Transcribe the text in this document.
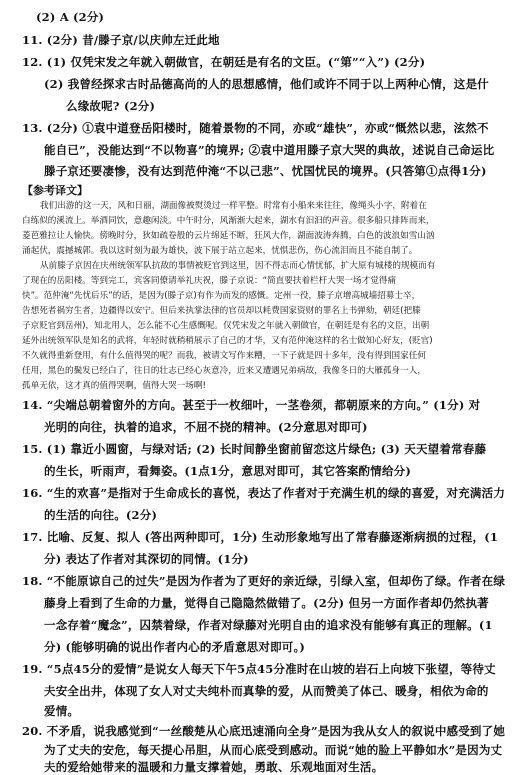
(2) A (2分)
11. (2分) 昔/滕子京/以庆帅左迁此地
12. (1) 仅凭宋发之年就入朝做官，在朝廷是有名的文臣。(“第”“入”) (2分)
(2) 我曾经探求古时品德高尚的人的思想感情，他们或许不同于以上两种心情，这是什
么缘故呢? (2分)
13. (2分) ①袁中道登岳阳楼时，随着景物的不同，亦或“雄快”，亦或“慨然以悲，泫然不
能自已”，没能达到“不以物喜”的境界; ②袁中道用滕子京大哭的典故，述说自己命运比
滕子京还要凄惨，没有达到范仲淹“不以己悲”、忧国忧民的境界。(只答第①点得1分)
【参考译文】
我们出游的这一天，风和日丽，湖面像被熨烫过一样平整。时常有小船来来往往，像绳头小字，附着在
白练似的溪流上。举酒同饮，意趣闲淡。中午时分，风渐渐大起来，湖水有汩汩的声音。很多船只排阵而来，
菱芭雅拉让人愉快。傍晚时分，狄如疏卷般的云片绵延不断，狂风大作，湖面波涛奔腾，白色的波浪如雪山汹
涌起伏，震撼城郭。我以这时刻为最为雄快，波下展于站立起来，忧惧悲伤，伤心流泪而且不能自制了。
从前滕子京因在庆州统领军队抗敌的事情被贬官到这里，因不得志而心情忧郁，扩大原有城楼的规模而有
了现在的岳阳楼。等到完工，宾客同僚请举礼庆祝，滕子京说：“简直要扶着栏杆大哭一场才觉得痛
快”。范仲淹“先忧后乐”的话，是因为(滕子京)有作为而发的感慨。定州一役，滕子京增高城墙招募士卒，
告想死者祸穷生者，边疆得以安宁。但后来执掌法律的官员却以耗费国家资财的罪名上书弹劾，朝廷(把滕
子京贬官到岳州)，知北用人，怎么能不心生感慨呢。仅凭宋发之年就入朝做官，在朝廷是有名的文臣，出朝
延外出统领军队是知名的武将，年轻时就稍稍展示了自己的才华，又有范仲淹这样的名士做知心好友，(贬官)
不久就得重新登用，有什么值得哭的呢？而我，被请文写作来糟，一下子就是四十多年，没有得到国家任何
任用，黑色的鬓发已经白了，往日的壮志已经心灰意冷，近来又遭遇兄弟病故，我像冬日的大雁孤身一人，
孤单无依，这才真的值得哭啊，值得大哭一场啊!
14. “尖端总朝着窗外的方向。甚至于一枚细叶，一茎卷须，都朝原来的方向。” (1分) 对
光明的向往，执着的追求，不屈不挠的精神。(2分意思对即可)
15. (1) 靠近小圆窗，与绿对话; (2) 长时间静坐窗前留恋这片绿色; (3) 天天望着常春藤
的生长，听雨声，看舞姿。(1点1分，意思对即可，其它答案酌情给分)
16. “生的欢喜”是指对于生命成长的喜悦，表达了作者对于充满生机的绿的喜爱，对充满活力
的生活的向往。(2分)
17. 比喻、反复、拟人 (答出两种即可，1分) 生动形象地写出了常春藤逐渐病损的过程，(1
分) 表达了作者对其深切的同情。(1分)
18. “不能原谅自己的过失”是因为作者为了更好的亲近绿，引绿入室，但却伤了绿。作者在绿
藤身上看到了生命的力量，觉得自己隐隐然做错了。(2分) 但另一方面作者却仍然执著
一念存着“魔念”，囚禁着绿，作者对绿藤对光明自由的追求没有能够有真正的理解。(1
分) (能够明确的说出作者内心的矛盾意思对即可。)
19. “5点45分的爱情”是说女人每天下午5点45分准时在山坡的岩石上向坡下张望，等待丈
夫安全出井，体现了女人对丈夫纯朴而真挚的爱，从而赞美了体己、暖身，相依为命的
爱情。
20. 不矛盾，说我感觉到“一丝酸楚从心底迅速涌向全身”是因为我从女人的叙说中感受到了她
为了丈夫的安危，每天提心吊胆，从而心底受到感动。而说“她的脸上平静如水”是因为丈
夫的爱给她带来的温暖和力量支撑着她，勇敢、乐观地面对生活。
